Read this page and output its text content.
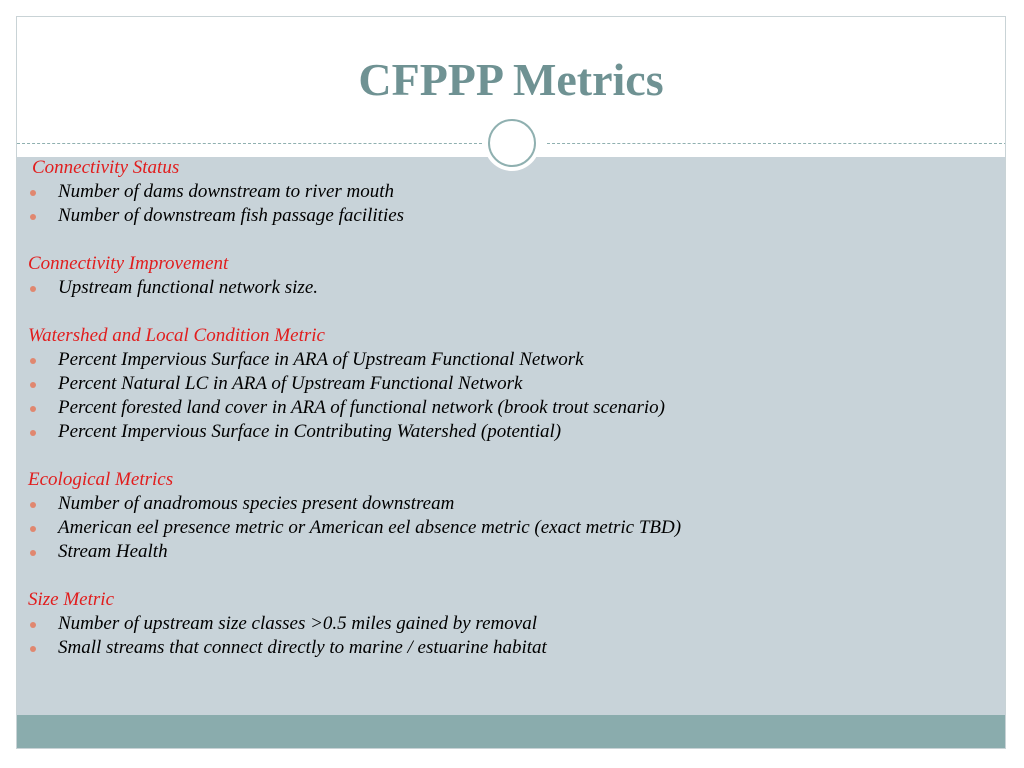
CFPPP Metrics

Connectivity Status

Number of dams downstream to river mouth
Number of downstream fish passage facilities

Connectivity Improvement

Upstream functional network size.

Watershed and Local Condition Metric

Percent Impervious Surface in ARA of Upstream Functional Network
Percent Natural LC in ARA of Upstream Functional Network
Percent forested land cover in ARA of functional network (brook trout scenario)
Percent Impervious Surface in Contributing Watershed (potential)

Ecological Metrics

Number of anadromous species present downstream
American eel presence metric or American eel absence metric (exact metric TBD)
Stream Health

Size Metric

Number of upstream size classes >0.5 miles gained by removal
Small streams that connect directly to marine / estuarine habitat
